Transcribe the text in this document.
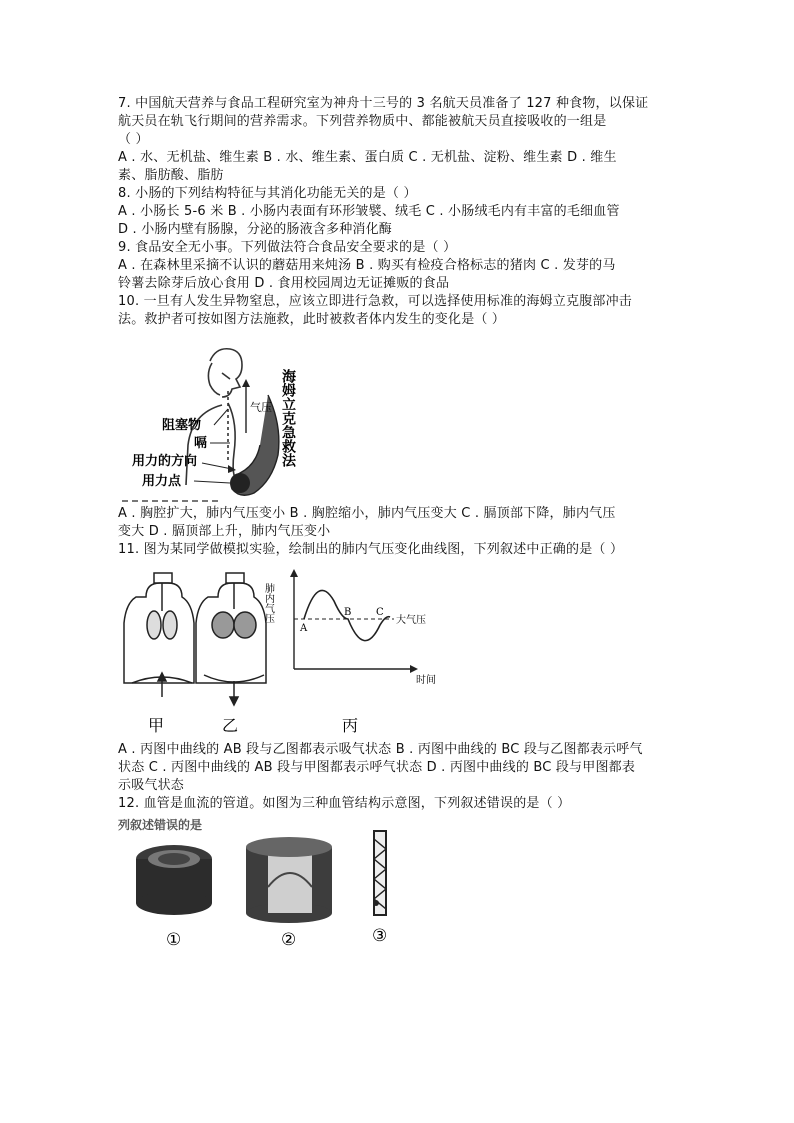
7. 中国航天营养与食品工程研究室为神舟十三号的 3 名航天员准备了 127 种食物，以保证
航天员在轨飞行期间的营养需求。下列营养物质中、都能被航天员直接吸收的一组是
（ ）
A . 水、无机盐、维生素 B . 水、维生素、蛋白质 C . 无机盐、淀粉、维生素 D . 维生
素、脂肪酸、脂肪
8. 小肠的下列结构特征与其消化功能无关的是（ ）
A . 小肠长 5-6 米 B . 小肠内表面有环形皱襞、绒毛 C . 小肠绒毛内有丰富的毛细血管
D . 小肠内壁有肠腺，分泌的肠液含多种消化酶
9. 食品安全无小事。下列做法符合食品安全要求的是（ ）
A . 在森林里采摘不认识的蘑菇用来炖汤 B . 购买有检疫合格标志的猪肉 C . 发芽的马
铃薯去除芽后放心食用 D . 食用校园周边无证摊贩的食品
10. 一旦有人发生异物窒息，应该立即进行急救，可以选择使用标准的海姆立克腹部冲击
法。救护者可按如图方法施救，此时被救者体内发生的变化是（ ）
气压
阻塞物
嗝
用力的方向
用力点
海姆立克急救法
A . 胸腔扩大，肺内气压变小 B . 胸腔缩小，肺内气压变大 C . 膈顶部下降，肺内气压
变大 D . 膈顶部上升，肺内气压变小
11. 图为某同学做模拟实验，绘制出的肺内气压变化曲线图，下列叙述中正确的是（ ）
肺内气压
时间
A
B C
大气压
甲	乙	丙
A . 丙图中曲线的 AB 段与乙图都表示吸气状态 B . 丙图中曲线的 BC 段与乙图都表示呼气
状态 C . 丙图中曲线的 AB 段与甲图都表示呼气状态 D . 丙图中曲线的 BC 段与甲图都表
示吸气状态
12. 血管是血流的管道。如图为三种血管结构示意图，下列叙述错误的是（ ）
列叙述错误的是
①	②	③
